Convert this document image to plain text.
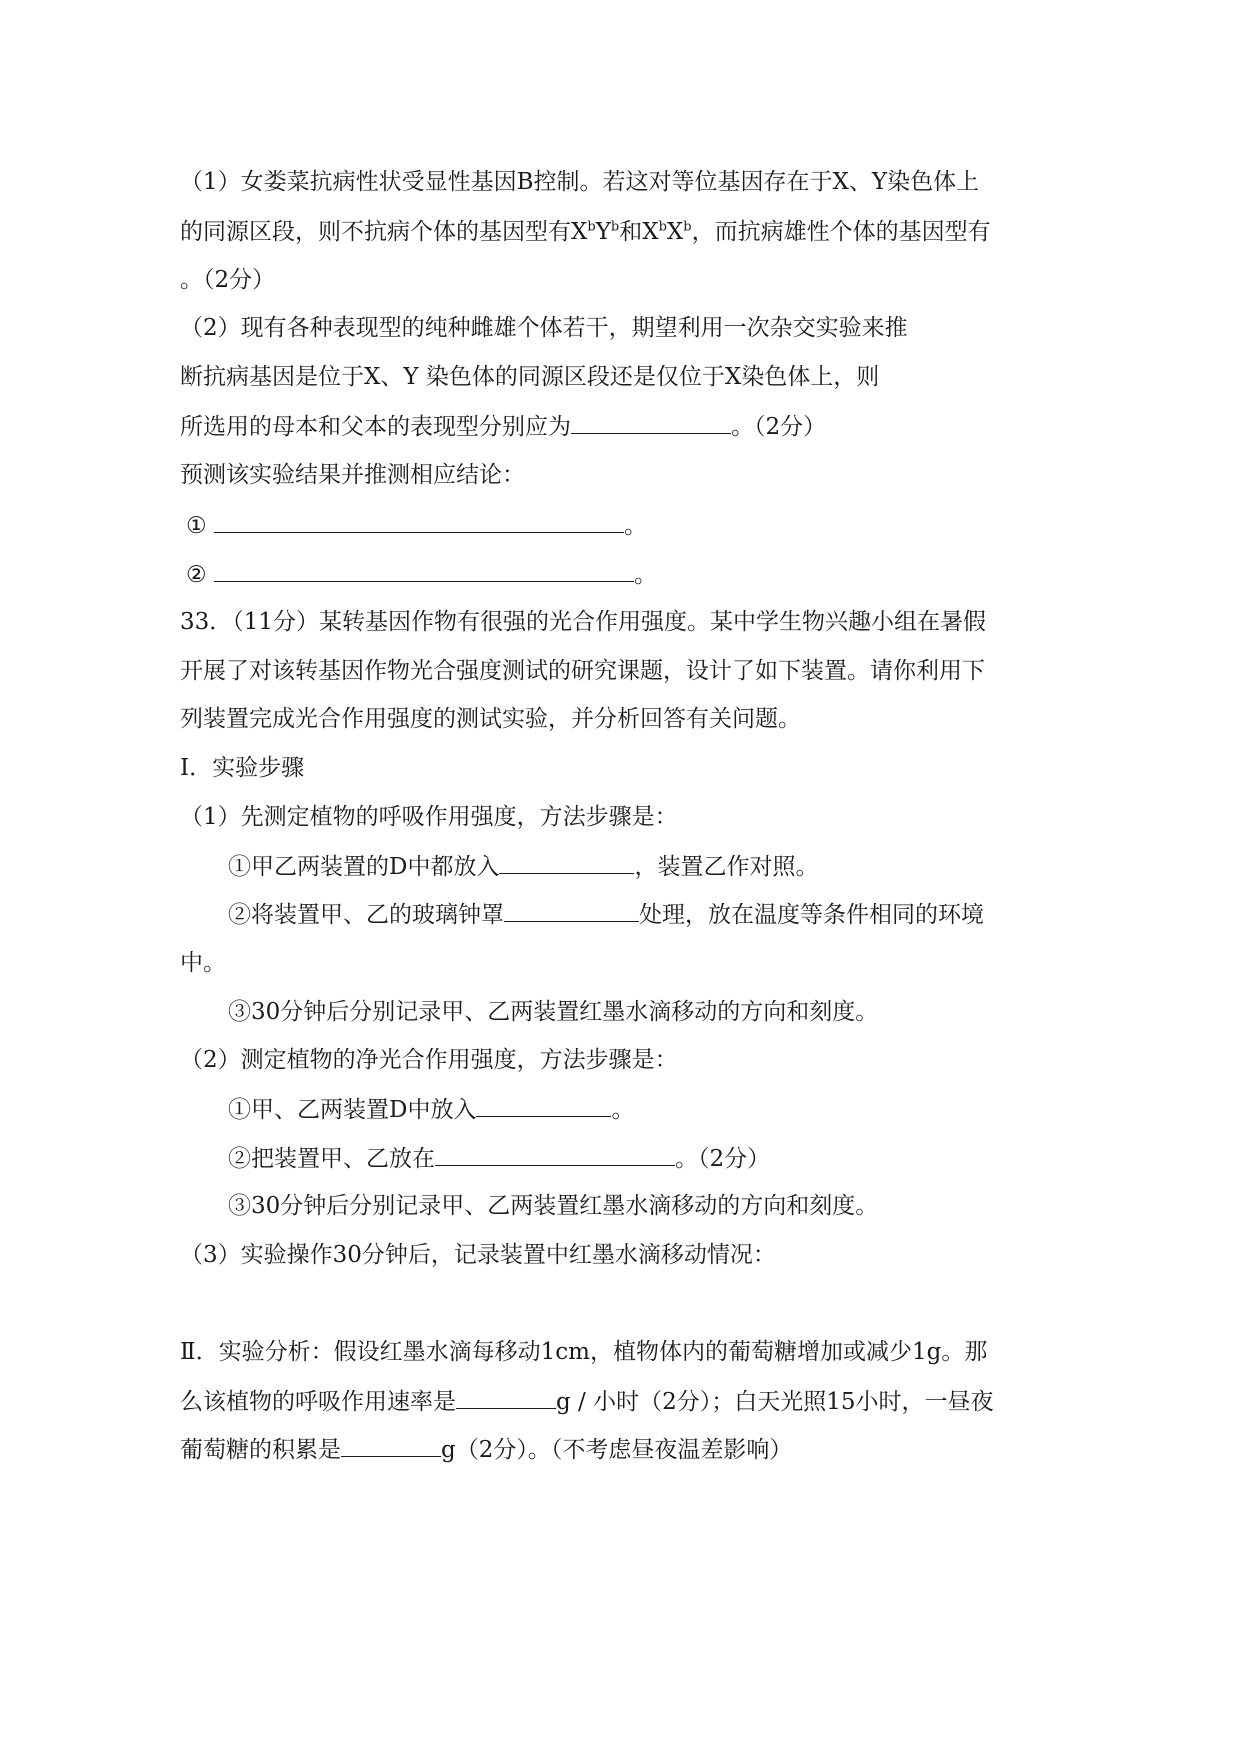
（1）女娄菜抗病性状受显性基因B控制。若这对等位基因存在于X、Y染色体上
的同源区段，则不抗病个体的基因型有$X^bY^b$和$X^bX^b$，而抗病雄性个体的基因型有
。（2分）
（2）现有各种表现型的纯种雌雄个体若干，期望利用一次杂交实验来推
断抗病基因是位于X、Y 染色体的同源区段还是仅位于X染色体上，则
所选用的母本和父本的表现型分别应为	。（2分）
预测该实验结果并推测相应结论：
①	。
②	。
33．（11分）某转基因作物有很强的光合作用强度。某中学生物兴趣小组在暑假
开展了对该转基因作物光合强度测试的研究课题，设计了如下装置。请你利用下
列装置完成光合作用强度的测试实验，并分析回答有关问题。
Ⅰ．实验步骤
（1）先测定植物的呼吸作用强度，方法步骤是：
①甲乙两装置的D中都放入	，装置乙作对照。
②将装置甲、乙的玻璃钟罩	处理，放在温度等条件相同的环境
中。
③30分钟后分别记录甲、乙两装置红墨水滴移动的方向和刻度。
（2）测定植物的净光合作用强度，方法步骤是：
①甲、乙两装置D中放入	。
②把装置甲、乙放在	。（2分）
③30分钟后分别记录甲、乙两装置红墨水滴移动的方向和刻度。
（3）实验操作30分钟后，记录装置中红墨水滴移动情况：
Ⅱ．实验分析：假设红墨水滴每移动1cm，植物体内的葡萄糖增加或减少1g。那
么该植物的呼吸作用速率是	g / 小时（2分）；白天光照15小时，一昼夜
葡萄糖的积累是	g（2分）。（不考虑昼夜温差影响）
